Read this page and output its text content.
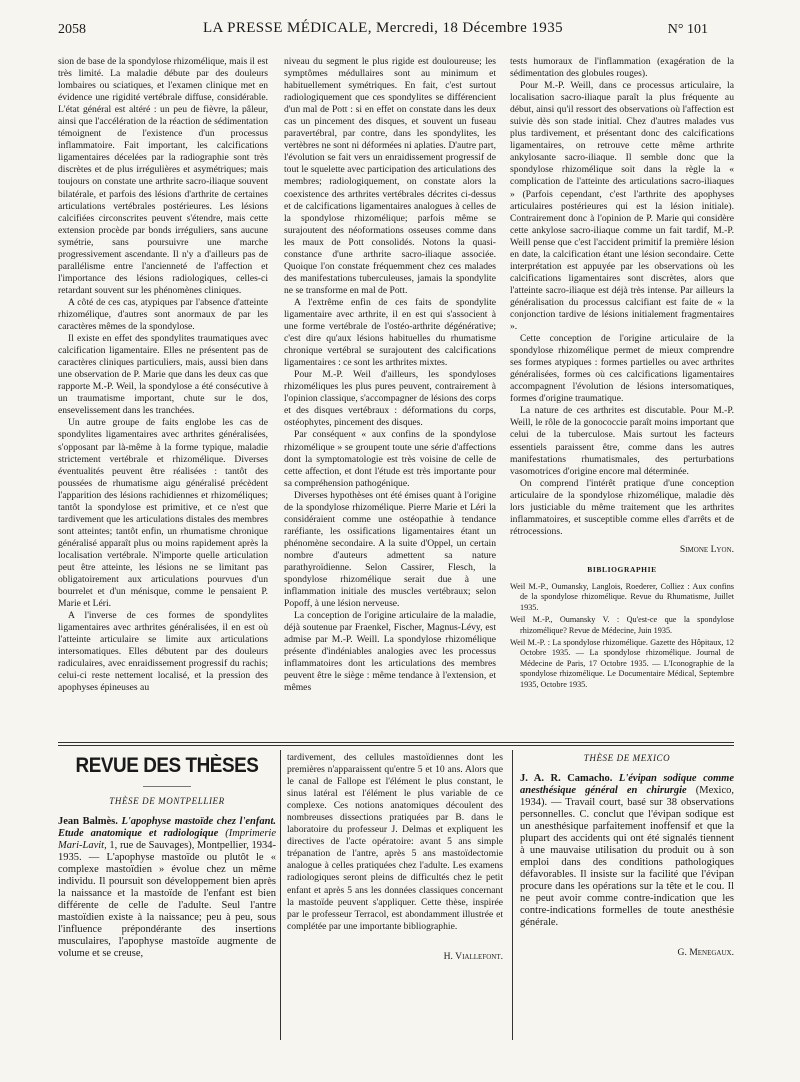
2058	LA PRESSE MÉDICALE, Mercredi, 18 Décembre 1935	N° 101

sion de base de la spondylose rhizomélique, mais il est très limité. La maladie débute par des douleurs lombaires ou sciatiques, et l'examen clinique met en évidence une rigidité vertébrale diffuse, considérable. L'état général est altéré : un peu de fièvre, la pâleur, ainsi que l'accélération de la réaction de sédimentation témoignent de l'existence d'un processus inflammatoire. Fait important, les calcifications ligamentaires décelées par la radiographie sont très discrètes et de plus irrégulières et asymétriques; mais toujours on constate une arthrite sacro-iliaque souvent bilatérale, et parfois des lésions d'arthrite de certaines articulations vertébrales postérieures. Les lésions calcifiées circonscrites peuvent s'étendre, mais cette extension procède par bonds irréguliers, sans aucune symétrie, sans poursuivre une marche progressivement ascendante. Il n'y a d'ailleurs pas de parallélisme entre l'ancienneté de l'affection et l'importance des lésions radiologiques, celles-ci retardant souvent sur les phénomènes cliniques.

A côté de ces cas, atypiques par l'absence d'atteinte rhizomélique, d'autres sont anormaux de par les caractères mêmes de la spondylose.

Il existe en effet des spondylites traumatiques avec calcification ligamentaire. Elles ne présentent pas de caractères cliniques particuliers, mais, aussi bien dans une observation de P. Marie que dans les deux cas que rapporte M.-P. Weil, la spondylose a été consécutive à un traumatisme important, chute sur le dos, ensevelissement dans les tranchées.

Un autre groupe de faits englobe les cas de spondylites ligamentaires avec arthrites généralisées, s'opposant par là-même à la forme typique, maladie strictement vertébrale et rhizomélique. Diverses éventualités peuvent être réalisées : tantôt des poussées de rhumatisme aigu généralisé précèdent l'apparition des lésions rachidiennes et rhizoméliques; tantôt la spondylose est primitive, et ce n'est que tardivement que les articulations distales des membres sont atteintes; tantôt enfin, un rhumatisme chronique généralisé apparaît plus ou moins rapidement après la localisation vertébrale. N'importe quelle articulation peut être atteinte, les lésions ne se limitant pas obligatoirement aux articulations pourvues d'un bourrelet et d'un ménisque, comme le pensaient P. Marie et Léri.

A l'inverse de ces formes de spondylites ligamentaires avec arthrites généralisées, il en est où l'atteinte articulaire se limite aux articulations intersomatiques. Elles débutent par des douleurs radiculaires, avec enraidissement progressif du rachis; celui-ci reste nettement localisé, et la pression des apophyses épineuses au

niveau du segment le plus rigide est douloureuse; les symptômes médullaires sont au minimum et habituellement symétriques. En fait, c'est surtout radiologiquement que ces spondylites se différencient d'un mal de Pott : si en effet on constate dans les deux cas un pincement des disques, et souvent un fuseau paravertébral, par contre, dans les spondylites, les vertèbres ne sont ni déformées ni aplaties. D'autre part, l'évolution se fait vers un enraidissement progressif de tout le squelette avec participation des articulations des membres; radiologiquement, on constate alors la coexistence des arthrites vertébrales décrites ci-dessus et de calcifications ligamentaires analogues à celles de la spondylose rhizomélique; parfois même se surajoutent des néoformations osseuses comme dans les maux de Pott consolidés. Notons la quasi-constance d'une arthrite sacro-iliaque associée. Quoique l'on constate fréquemment chez ces malades des manifestations tuberculeuses, jamais la spondylite ne se transforme en mal de Pott.

A l'extrême enfin de ces faits de spondylite ligamentaire avec arthrite, il en est qui s'associent à une forme vertébrale de l'ostéo-arthrite dégénérative; c'est dire qu'aux lésions habituelles du rhumatisme chronique vertébral se surajoutent des calcifications ligamentaires : ce sont les arthrites mixtes.

Pour M.-P. Weil d'ailleurs, les spondyloses rhizoméliques les plus pures peuvent, contrairement à l'opinion classique, s'accompagner de lésions des corps et des disques vertébraux : déformations du corps, ostéophytes, pincement des disques.

Par conséquent « aux confins de la spondylose rhizomélique » se groupent toute une série d'affections dont la symptomatologie est très voisine de celle de cette affection, et dont l'étude est très importante pour sa compréhension pathogénique.

Diverses hypothèses ont été émises quant à l'origine de la spondylose rhizomélique. Pierre Marie et Léri la considéraient comme une ostéopathie à tendance raréfiante, les ossifications ligamentaires étant un phénomène secondaire. A la suite d'Oppel, un certain nombre d'auteurs admettent sa nature parathyroïdienne. Selon Cassirer, Flesch, la spondylose rhizomélique serait due à une inflammation initiale des muscles vertébraux; selon Popoff, à une lésion nerveuse.

La conception de l'origine articulaire de la maladie, déjà soutenue par Fraenkel, Fischer, Magnus-Lévy, est admise par M.-P. Weill. La spondylose rhizomélique présente d'indéniables analogies avec les processus inflammatoires dont les articulations des membres peuvent être le siège : même tendance à l'extension, et mêmes

tests humoraux de l'inflammation (exagération de la sédimentation des globules rouges).

Pour M.-P. Weill, dans ce processus articulaire, la localisation sacro-iliaque paraît la plus fréquente au début, ainsi qu'il ressort des observations où l'affection est suivie dès son stade initial. Chez d'autres malades vus plus tardivement, et présentant donc des calcifications ligamentaires, on retrouve cette même arthrite ankylosante sacro-iliaque. Il semble donc que la spondylose rhizomélique soit dans la règle la « complication de l'atteinte des articulations sacro-iliaques » (Parfois cependant, c'est l'arthrite des apophyses articulaires postérieures qui est la lésion initiale). Contrairement donc à l'opinion de P. Marie qui considère cette ankylose sacro-iliaque comme un fait tardif, M.-P. Weill pense que c'est l'accident primitif la première lésion en date, la calcification étant une lésion secondaire. Cette interprétation est appuyée par les observations où les calcifications ligamentaires sont discrètes, alors que l'atteinte sacro-iliaque est déjà très intense. Par ailleurs la généralisation du processus calcifiant est faite de « la conjonction tardive de lésions initialement fragmentaires ».

Cette conception de l'origine articulaire de la spondylose rhizomélique permet de mieux comprendre ses formes atypiques : formes partielles ou avec arthrites généralisées, formes où ces calcifications ligamentaires accompagnent l'évolution de lésions intersomatiques, formes d'origine traumatique.

La nature de ces arthrites est discutable. Pour M.-P. Weill, le rôle de la gonococcie paraît moins important que celui de la tuberculose. Mais surtout les facteurs essentiels paraissent être, comme dans les autres manifestations rhumatismales, des perturbations vasomotrices d'origine encore mal déterminée.

On comprend l'intérêt pratique d'une conception articulaire de la spondylose rhizomélique, maladie dès lors justiciable du même traitement que les arthrites inflammatoires, et susceptible comme elles d'arrêts et de rétrocessions.

Simone Lyon.

BIBLIOGRAPHIE

Weil M.-P., Oumansky, Langlois, Roederer, Colliez : Aux confins de la spondylose rhizomélique. Revue du Rhumatisme, Juillet 1935.

Weil M.-P., Oumansky V. : Qu'est-ce que la spondylose rhizomélique? Revue de Médecine, Juin 1935.

Weil M.-P. : La spondylose rhizomélique. Gazette des Hôpitaux, 12 Octobre 1935. — La spondylose rhizomélique. Journal de Médecine de Paris, 17 Octobre 1935. — L'Iconographie de la spondylose rhizomélique. Le Documentaire Médical, Septembre 1935, Octobre 1935.

REVUE DES THÈSES
THÈSE DE MONTPELLIER

Jean Balmès. L'apophyse mastoïde chez l'enfant. Etude anatomique et radiologique (Imprimerie Mari-Lavit, 1, rue de Sauvages), Montpellier, 1934-1935. — L'apophyse mastoïde ou plutôt le « complexe mastoïdien » évolue chez un même individu. Il poursuit son développement bien après la naissance et la mastoïde de l'enfant est bien différente de celle de l'adulte. Seul l'antre mastoïdien existe à la naissance; peu à peu, sous l'influence prépondérante des insertions musculaires, l'apophyse mastoïde augmente de volume et se creuse,

tardivement, des cellules mastoïdiennes dont les premières n'apparaissent qu'entre 5 et 10 ans. Alors que le canal de Fallope est l'élément le plus constant, le sinus latéral est l'élément le plus variable de ce complexe. Ces notions anatomiques découlent des nombreuses dissections pratiquées par B. dans le laboratoire du professeur J. Delmas et expliquent les directives de l'acte opératoire: avant 5 ans simple trépanation de l'antre, après 5 ans mastoïdectomie analogue à celles pratiquées chez l'adulte. Les examens radiologiques seront pleins de difficultés chez le petit enfant et après 5 ans les données classiques concernant la mastoïde peuvent s'appliquer. Cette thèse, inspirée par le professeur Terracol, est abondamment illustrée et complétée par une importante bibliographie.

H. Viallefont.

THÈSE DE MEXICO

J. A. R. Camacho. L'évipan sodique comme anesthésique général en chirurgie (Mexico, 1934). — Travail court, basé sur 38 observations personnelles. C. conclut que l'évipan sodique est un anesthésique parfaitement inoffensif et que la plupart des accidents qui ont été signalés tiennent à une mauvaise utilisation du produit ou à son emploi dans des conditions pathologiques défavorables. Il insiste sur la facilité que l'évipan procure dans les opérations sur la tête et le cou. Il ne peut avoir comme contre-indication que les contre-indications formelles de toute anesthésie générale.

G. Menegaux.
